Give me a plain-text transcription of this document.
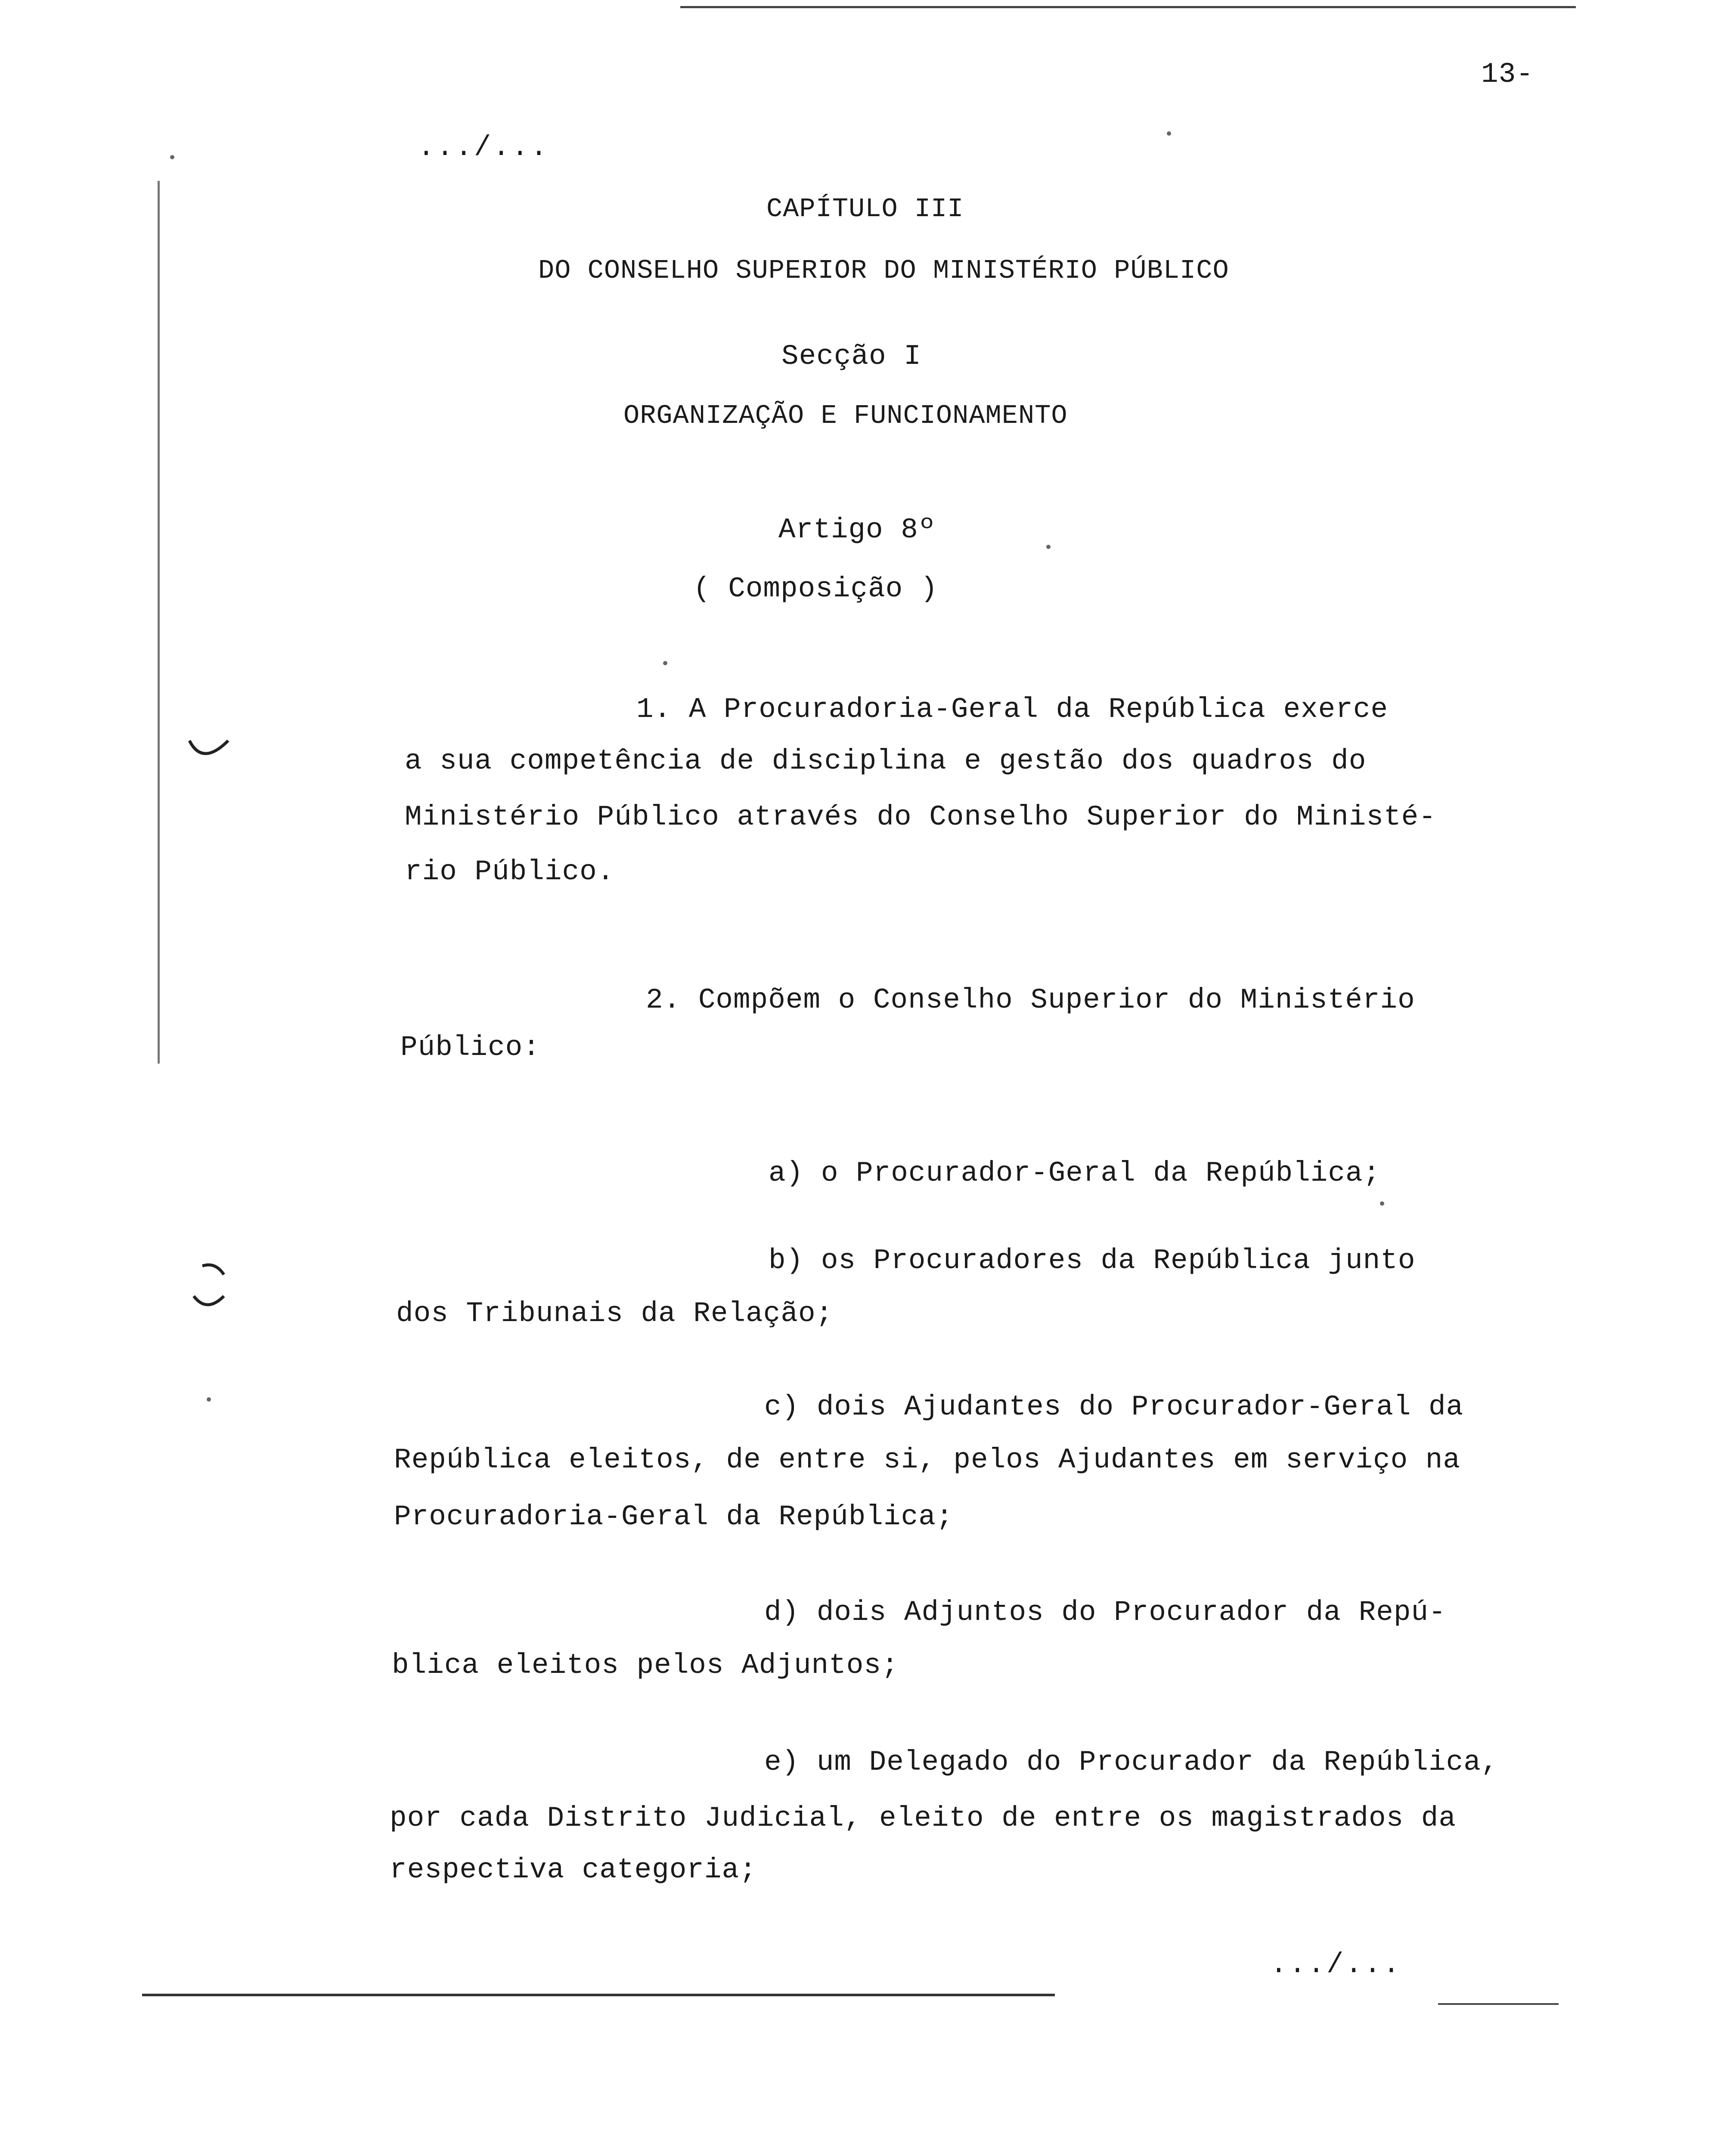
13-
.../...
CAPÍTULO III
DO CONSELHO SUPERIOR DO MINISTÉRIO PÚBLICO
Secção I
ORGANIZAÇÃO E FUNCIONAMENTO
Artigo 8º
( Composição )
1. A Procuradoria-Geral da República exerce
a sua competência de disciplina e gestão dos quadros do
Ministério Público através do Conselho Superior do Ministé-
rio Público.
2. Compõem o Conselho Superior do Ministério
Público:
a) o Procurador-Geral da República;
b) os Procuradores da República junto
dos Tribunais da Relação;
c) dois Ajudantes do Procurador-Geral da
República eleitos, de entre si, pelos Ajudantes em serviço na
Procuradoria-Geral da República;
d) dois Adjuntos do Procurador da Repú-
blica eleitos pelos Adjuntos;
e) um Delegado do Procurador da República,
por cada Distrito Judicial, eleito de entre os magistrados da
respectiva categoria;
.../...
